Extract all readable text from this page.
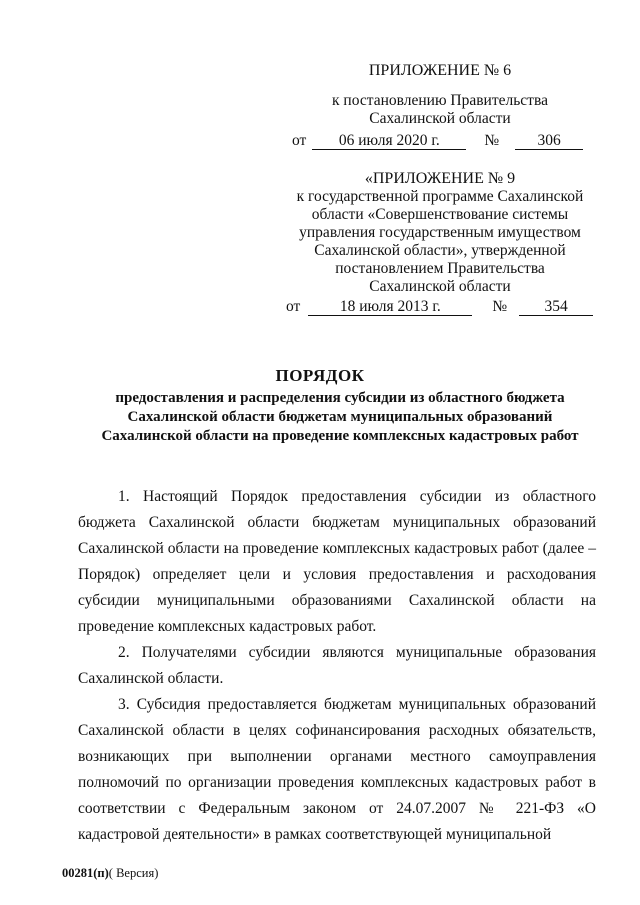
ПРИЛОЖЕНИЕ № 6
к постановлению Правительства
Сахалинской области
от	06 июля 2020 г.	№	306
«ПРИЛОЖЕНИЕ № 9
к государственной программе Сахалинской
области «Совершенствование системы
управления государственным имуществом
Сахалинской области», утвержденной
постановлением Правительства
Сахалинской области
от	18 июля 2013 г.	№	354
ПОРЯДОК
предоставления и распределения субсидии из областного бюджета
Сахалинской области бюджетам муниципальных образований
Сахалинской области на проведение комплексных кадастровых работ

1. Настоящий Порядок предоставления субсидии из областного бюджета Сахалинской области бюджетам муниципальных образований Сахалинской области на проведение комплексных кадастровых работ (далее – Порядок) определяет цели и условия предоставления и расходования субсидии муниципальными образованиями Сахалинской области на проведение комплексных кадастровых работ.

2. Получателями субсидии являются муниципальные образования Сахалинской области.

3. Субсидия предоставляется бюджетам муниципальных образований Сахалинской области в целях софинансирования расходных обязательств, возникающих при выполнении органами местного самоуправления полномочий по организации проведения комплексных кадастровых работ в соответствии с Федеральным законом от 24.07.2007 № 221-ФЗ «О кадастровой деятельности» в рамках соответствующей муниципальной

00281(п)( Версия)
